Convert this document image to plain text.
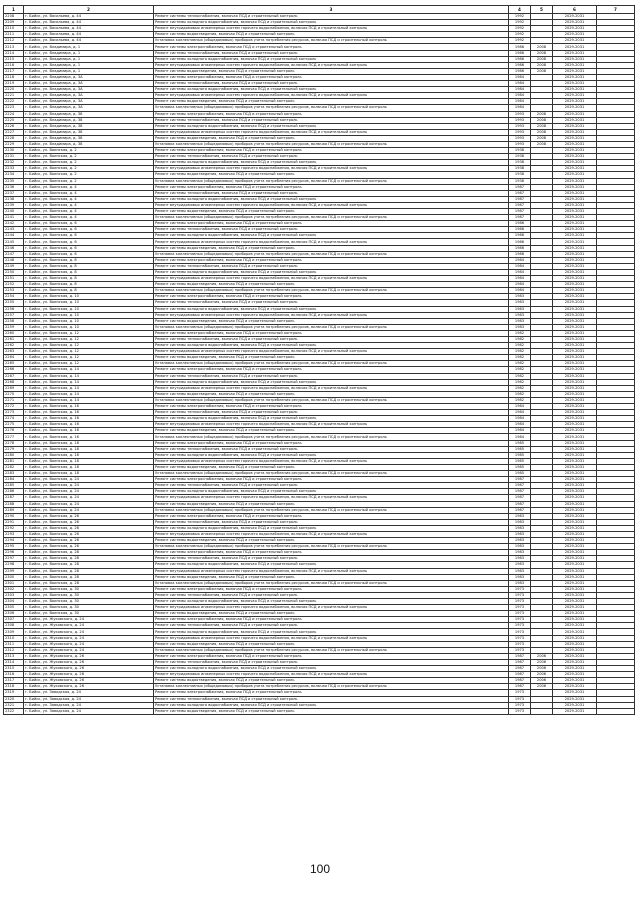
1	2	3	4	5	6	7
2208	г. Бийск, ул. Васильева, д. 44	Ремонт системы теплоснабжения, включая ПСД и строительный контроль	1992		2029-2031	
2209	г. Бийск, ул. Васильева, д. 44	Ремонт системы холодного водоснабжения, включая ПСД и строительный контроль	1992		2029-2031	
2210	г. Бийск, ул. Васильева, д. 44	Ремонт внутридомовых инженерных систем горячего водоснабжения, включая ПСД и строительный контроль	1992		2029-2031	
2211	г. Бийск, ул. Васильева, д. 44	Ремонт системы водоотведения, включая ПСД и строительный контроль	1992		2029-2031	
2212	г. Бийск, ул. Васильева, д. 44	Установка коллективных (общедомовых) приборов учета потребления ресурсов, включая ПСД и строительный контроль	1992		2029-2031	
2213	г. Бийск, ул. Владимира, д. 1	Ремонт системы электроснабжения, включая ПСД и строительный контроль	1986	2008	2029-2031	
2214	г. Бийск, ул. Владимира, д. 1	Ремонт системы теплоснабжения, включая ПСД и строительный контроль	1986	2008	2029-2031	
2215	г. Бийск, ул. Владимира, д. 1	Ремонт системы холодного водоснабжения, включая ПСД и строительный контроль	1986	2008	2029-2031	
2216	г. Бийск, ул. Владимира, д. 1	Ремонт внутридомовых инженерных систем горячего водоснабжения, включая ПСД и строительный контроль	1986	2008	2029-2031	
2217	г. Бийск, ул. Владимира, д. 1	Ремонт системы водоотведения, включая ПСД и строительный контроль	1986	2008	2029-2031	
2218	г. Бийск, ул. Владимира, д. 3А	Ремонт системы электроснабжения, включая ПСД и строительный контроль	1984		2029-2031	
2219	г. Бийск, ул. Владимира, д. 3А	Ремонт системы теплоснабжения, включая ПСД и строительный контроль	1984		2029-2031	
2220	г. Бийск, ул. Владимира, д. 3А	Ремонт системы холодного водоснабжения, включая ПСД и строительный контроль	1984		2029-2031	
2221	г. Бийск, ул. Владимира, д. 3А	Ремонт внутридомовых инженерных систем горячего водоснабжения, включая ПСД и строительный контроль	1984		2029-2031	
2222	г. Бийск, ул. Владимира, д. 3А	Ремонт системы водоотведения, включая ПСД и строительный контроль	1984		2029-2031	
2223	г. Бийск, ул. Владимира, д. 3А	Установка коллективных (общедомовых) приборов учета потребления ресурсов, включая ПСД и строительный контроль	1984		2029-2031	
2224	г. Бийск, ул. Владимира, д. 38	Ремонт системы электроснабжения, включая ПСД и строительный контроль	1993	2008	2029-2031	
2225	г. Бийск, ул. Владимира, д. 38	Ремонт системы теплоснабжения, включая ПСД и строительный контроль	1993	2008	2029-2031	
2226	г. Бийск, ул. Владимира, д. 38	Ремонт системы холодного водоснабжения, включая ПСД и строительный контроль	1993	2008	2029-2031	
2227	г. Бийск, ул. Владимира, д. 38	Ремонт внутридомовых инженерных систем горячего водоснабжения, включая ПСД и строительный контроль	1993	2008	2029-2031	
2228	г. Бийск, ул. Владимира, д. 38	Ремонт системы водоотведения, включая ПСД и строительный контроль	1993	2008	2029-2031	
2229	г. Бийск, ул. Владимира, д. 38	Установка коллективных (общедомовых) приборов учета потребления ресурсов, включая ПСД и строительный контроль	1993	2008	2029-2031	
2230	г. Бийск, ул. Воинская, д. 2	Ремонт системы электроснабжения, включая ПСД и строительный контроль	1938		2029-2031	
2231	г. Бийск, ул. Воинская, д. 2	Ремонт системы теплоснабжения, включая ПСД и строительный контроль	1938		2029-2031	
2232	г. Бийск, ул. Воинская, д. 2	Ремонт системы холодного водоснабжения, включая ПСД и строительный контроль	1938		2029-2031	
2233	г. Бийск, ул. Воинская, д. 2	Ремонт внутридомовых инженерных систем горячего водоснабжения, включая ПСД и строительный контроль	1938		2029-2031	
2234	г. Бийск, ул. Воинская, д. 2	Ремонт системы водоотведения, включая ПСД и строительный контроль	1938		2029-2031	
2235	г. Бийск, ул. Воинская, д. 2	Установка коллективных (общедомовых) приборов учета потребления ресурсов, включая ПСД и строительный контроль	1938		2029-2031	
2236	г. Бийск, ул. Воинская, д. 4	Ремонт системы электроснабжения, включая ПСД и строительный контроль	1987		2029-2031	
2237	г. Бийск, ул. Воинская, д. 4	Ремонт системы теплоснабжения, включая ПСД и строительный контроль	1987		2029-2031	
2238	г. Бийск, ул. Воинская, д. 4	Ремонт системы холодного водоснабжения, включая ПСД и строительный контроль	1987		2029-2031	
2239	г. Бийск, ул. Воинская, д. 4	Ремонт внутридомовых инженерных систем горячего водоснабжения, включая ПСД и строительный контроль	1987		2029-2031	
2240	г. Бийск, ул. Воинская, д. 4	Ремонт системы водоотведения, включая ПСД и строительный контроль	1987		2029-2031	
2241	г. Бийск, ул. Воинская, д. 4	Установка коллективных (общедомовых) приборов учета потребления ресурсов, включая ПСД и строительный контроль	1987		2029-2031	
2242	г. Бийск, ул. Воинская, д. 6	Ремонт системы электроснабжения, включая ПСД и строительный контроль	1986		2029-2031	
2243	г. Бийск, ул. Воинская, д. 6	Ремонт системы теплоснабжения, включая ПСД и строительный контроль	1986		2029-2031	
2244	г. Бийск, ул. Воинская, д. 6	Ремонт системы холодного водоснабжения, включая ПСД и строительный контроль	1986		2029-2031	
2245	г. Бийск, ул. Воинская, д. 6	Ремонт внутридомовых инженерных систем горячего водоснабжения, включая ПСД и строительный контроль	1986		2029-2031	
2246	г. Бийск, ул. Воинская, д. 6	Ремонт системы водоотведения, включая ПСД и строительный контроль	1986		2029-2031	
2247	г. Бийск, ул. Воинская, д. 6	Установка коллективных (общедомовых) приборов учета потребления ресурсов, включая ПСД и строительный контроль	1986		2029-2031	
2248	г. Бийск, ул. Воинская, д. 8	Ремонт системы электроснабжения, включая ПСД и строительный контроль	1984		2029-2031	
2249	г. Бийск, ул. Воинская, д. 8	Ремонт системы теплоснабжения, включая ПСД и строительный контроль	1984		2029-2031	
2250	г. Бийск, ул. Воинская, д. 8	Ремонт системы холодного водоснабжения, включая ПСД и строительный контроль	1984		2029-2031	
2251	г. Бийск, ул. Воинская, д. 8	Ремонт внутридомовых инженерных систем горячего водоснабжения, включая ПСД и строительный контроль	1984		2029-2031	
2252	г. Бийск, ул. Воинская, д. 8	Ремонт системы водоотведения, включая ПСД и строительный контроль	1984		2029-2031	
2253	г. Бийск, ул. Воинская, д. 8	Установка коллективных (общедомовых) приборов учета потребления ресурсов, включая ПСД и строительный контроль	1984		2029-2031	
2254	г. Бийск, ул. Воинская, д. 10	Ремонт системы электроснабжения, включая ПСД и строительный контроль	1983		2029-2031	
2255	г. Бийск, ул. Воинская, д. 10	Ремонт системы теплоснабжения, включая ПСД и строительный контроль	1983		2029-2031	
2256	г. Бийск, ул. Воинская, д. 10	Ремонт системы холодного водоснабжения, включая ПСД и строительный контроль	1983		2029-2031	
2257	г. Бийск, ул. Воинская, д. 10	Ремонт внутридомовых инженерных систем горячего водоснабжения, включая ПСД и строительный контроль	1983		2029-2031	
2258	г. Бийск, ул. Воинская, д. 10	Ремонт системы водоотведения, включая ПСД и строительный контроль	1983		2029-2031	
2259	г. Бийск, ул. Воинская, д. 10	Установка коллективных (общедомовых) приборов учета потребления ресурсов, включая ПСД и строительный контроль	1983		2029-2031	
2260	г. Бийск, ул. Воинская, д. 12	Ремонт системы электроснабжения, включая ПСД и строительный контроль	1982		2029-2031	
2261	г. Бийск, ул. Воинская, д. 12	Ремонт системы теплоснабжения, включая ПСД и строительный контроль	1982		2029-2031	
2262	г. Бийск, ул. Воинская, д. 12	Ремонт системы холодного водоснабжения, включая ПСД и строительный контроль	1982		2029-2031	
2263	г. Бийск, ул. Воинская, д. 12	Ремонт внутридомовых инженерных систем горячего водоснабжения, включая ПСД и строительный контроль	1982		2029-2031	
2264	г. Бийск, ул. Воинская, д. 12	Ремонт системы водоотведения, включая ПСД и строительный контроль	1982		2029-2031	
2265	г. Бийск, ул. Воинская, д. 12	Установка коллективных (общедомовых) приборов учета потребления ресурсов, включая ПСД и строительный контроль	1982		2029-2031	
2266	г. Бийск, ул. Воинская, д. 14	Ремонт системы электроснабжения, включая ПСД и строительный контроль	1982		2029-2031	
2267	г. Бийск, ул. Воинская, д. 14	Ремонт системы теплоснабжения, включая ПСД и строительный контроль	1982		2029-2031	
2268	г. Бийск, ул. Воинская, д. 14	Ремонт системы холодного водоснабжения, включая ПСД и строительный контроль	1982		2029-2031	
2269	г. Бийск, ул. Воинская, д. 14	Ремонт внутридомовых инженерных систем горячего водоснабжения, включая ПСД и строительный контроль	1982		2029-2031	
2270	г. Бийск, ул. Воинская, д. 14	Ремонт системы водоотведения, включая ПСД и строительный контроль	1982		2029-2031	
2271	г. Бийск, ул. Воинская, д. 14	Установка коллективных (общедомовых) приборов учета потребления ресурсов, включая ПСД и строительный контроль	1982		2029-2031	
2272	г. Бийск, ул. Воинская, д. 16	Ремонт системы электроснабжения, включая ПСД и строительный контроль	1984		2029-2031	
2273	г. Бийск, ул. Воинская, д. 16	Ремонт системы теплоснабжения, включая ПСД и строительный контроль	1984		2029-2031	
2274	г. Бийск, ул. Воинская, д. 16	Ремонт системы холодного водоснабжения, включая ПСД и строительный контроль	1984		2029-2031	
2275	г. Бийск, ул. Воинская, д. 16	Ремонт внутридомовых инженерных систем горячего водоснабжения, включая ПСД и строительный контроль	1984		2029-2031	
2276	г. Бийск, ул. Воинская, д. 16	Ремонт системы водоотведения, включая ПСД и строительный контроль	1984		2029-2031	
2277	г. Бийск, ул. Воинская, д. 16	Установка коллективных (общедомовых) приборов учета потребления ресурсов, включая ПСД и строительный контроль	1984		2029-2031	
2278	г. Бийск, ул. Воинская, д. 18	Ремонт системы электроснабжения, включая ПСД и строительный контроль	1985		2029-2031	
2279	г. Бийск, ул. Воинская, д. 18	Ремонт системы теплоснабжения, включая ПСД и строительный контроль	1985		2029-2031	
2280	г. Бийск, ул. Воинская, д. 18	Ремонт системы холодного водоснабжения, включая ПСД и строительный контроль	1985		2029-2031	
2281	г. Бийск, ул. Воинская, д. 18	Ремонт внутридомовых инженерных систем горячего водоснабжения, включая ПСД и строительный контроль	1985		2029-2031	
2282	г. Бийск, ул. Воинская, д. 18	Ремонт системы водоотведения, включая ПСД и строительный контроль	1985		2029-2031	
2283	г. Бийск, ул. Воинская, д. 18	Установка коллективных (общедомовых) приборов учета потребления ресурсов, включая ПСД и строительный контроль	1985		2029-2031	
2284	г. Бийск, ул. Воинская, д. 24	Ремонт системы электроснабжения, включая ПСД и строительный контроль	1987		2029-2031	
2285	г. Бийск, ул. Воинская, д. 24	Ремонт системы теплоснабжения, включая ПСД и строительный контроль	1987		2029-2031	
2286	г. Бийск, ул. Воинская, д. 24	Ремонт системы холодного водоснабжения, включая ПСД и строительный контроль	1987		2029-2031	
2287	г. Бийск, ул. Воинская, д. 24	Ремонт внутридомовых инженерных систем горячего водоснабжения, включая ПСД и строительный контроль	1987		2029-2031	
2288	г. Бийск, ул. Воинская, д. 24	Ремонт системы водоотведения, включая ПСД и строительный контроль	1987		2029-2031	
2289	г. Бийск, ул. Воинская, д. 24	Установка коллективных (общедомовых) приборов учета потребления ресурсов, включая ПСД и строительный контроль	1987		2029-2031	
2290	г. Бийск, ул. Воинская, д. 26	Ремонт системы электроснабжения, включая ПСД и строительный контроль	1983		2029-2031	
2291	г. Бийск, ул. Воинская, д. 26	Ремонт системы теплоснабжения, включая ПСД и строительный контроль	1983		2029-2031	
2292	г. Бийск, ул. Воинская, д. 26	Ремонт системы холодного водоснабжения, включая ПСД и строительный контроль	1983		2029-2031	
2293	г. Бийск, ул. Воинская, д. 26	Ремонт внутридомовых инженерных систем горячего водоснабжения, включая ПСД и строительный контроль	1983		2029-2031	
2294	г. Бийск, ул. Воинская, д. 26	Ремонт системы водоотведения, включая ПСД и строительный контроль	1983		2029-2031	
2295	г. Бийск, ул. Воинская, д. 26	Установка коллективных (общедомовых) приборов учета потребления ресурсов, включая ПСД и строительный контроль	1983		2029-2031	
2296	г. Бийск, ул. Воинская, д. 28	Ремонт системы электроснабжения, включая ПСД и строительный контроль	1983		2029-2031	
2297	г. Бийск, ул. Воинская, д. 28	Ремонт системы теплоснабжения, включая ПСД и строительный контроль	1983		2029-2031	
2298	г. Бийск, ул. Воинская, д. 28	Ремонт системы холодного водоснабжения, включая ПСД и строительный контроль	1983		2029-2031	
2299	г. Бийск, ул. Воинская, д. 28	Ремонт внутридомовых инженерных систем горячего водоснабжения, включая ПСД и строительный контроль	1983		2029-2031	
2300	г. Бийск, ул. Воинская, д. 28	Ремонт системы водоотведения, включая ПСД и строительный контроль	1983		2029-2031	
2301	г. Бийск, ул. Воинская, д. 28	Установка коллективных (общедомовых) приборов учета потребления ресурсов, включая ПСД и строительный контроль	1983		2029-2031	
2302	г. Бийск, ул. Воинская, д. 30	Ремонт системы электроснабжения, включая ПСД и строительный контроль	1973		2029-2031	
2303	г. Бийск, ул. Воинская, д. 30	Ремонт системы теплоснабжения, включая ПСД и строительный контроль	1973		2029-2031	
2304	г. Бийск, ул. Воинская, д. 30	Ремонт системы холодного водоснабжения, включая ПСД и строительный контроль	1973		2029-2031	
2305	г. Бийск, ул. Воинская, д. 30	Ремонт внутридомовых инженерных систем горячего водоснабжения, включая ПСД и строительный контроль	1973		2029-2031	
2306	г. Бийск, ул. Воинская, д. 30	Ремонт системы водоотведения, включая ПСД и строительный контроль	1973		2029-2031	
2307	г. Бийск, ул. Жуковского, д. 24	Ремонт системы электроснабжения, включая ПСД и строительный контроль	1973		2029-2031	
2308	г. Бийск, ул. Жуковского, д. 24	Ремонт системы теплоснабжения, включая ПСД и строительный контроль	1973		2029-2031	
2309	г. Бийск, ул. Жуковского, д. 24	Ремонт системы холодного водоснабжения, включая ПСД и строительный контроль	1973		2029-2031	
2310	г. Бийск, ул. Жуковского, д. 24	Ремонт внутридомовых инженерных систем горячего водоснабжения, включая ПСД и строительный контроль	1973		2029-2031	
2311	г. Бийск, ул. Жуковского, д. 24	Ремонт системы водоотведения, включая ПСД и строительный контроль	1973		2029-2031	
2312	г. Бийск, ул. Жуковского, д. 24	Установка коллективных (общедомовых) приборов учета потребления ресурсов, включая ПСД и строительный контроль	1973		2029-2031	
2313	г. Бийск, ул. Жуковского, д. 26	Ремонт системы электроснабжения, включая ПСД и строительный контроль	1987	2006	2029-2031	
2314	г. Бийск, ул. Жуковского, д. 26	Ремонт системы теплоснабжения, включая ПСД и строительный контроль	1987	2006	2029-2031	
2315	г. Бийск, ул. Жуковского, д. 26	Ремонт системы холодного водоснабжения, включая ПСД и строительный контроль	1987	2006	2029-2031	
2316	г. Бийск, ул. Жуковского, д. 26	Ремонт внутридомовых инженерных систем горячего водоснабжения, включая ПСД и строительный контроль	1987	2006	2029-2031	
2317	г. Бийск, ул. Жуковского, д. 26	Ремонт системы водоотведения, включая ПСД и строительный контроль	1987	2006	2029-2031	
2318	г. Бийск, ул. Жуковского, д. 26	Установка коллективных (общедомовых) приборов учета потребления ресурсов, включая ПСД и строительный контроль	1987	2006	2029-2031	
2319	г. Бийск, ул. Заводская, д. 24	Ремонт системы электроснабжения, включая ПСД и строительный контроль	1973		2029-2031	
2320	г. Бийск, ул. Заводская, д. 24	Ремонт системы теплоснабжения, включая ПСД и строительный контроль	1973		2029-2031	
2321	г. Бийск, ул. Заводская, д. 24	Ремонт системы холодного водоснабжения, включая ПСД и строительный контроль	1973		2029-2031	
2322	г. Бийск, ул. Заводская, д. 24	Ремонт системы водоотведения, включая ПСД и строительный контроль	1973		2029-2031	
100
